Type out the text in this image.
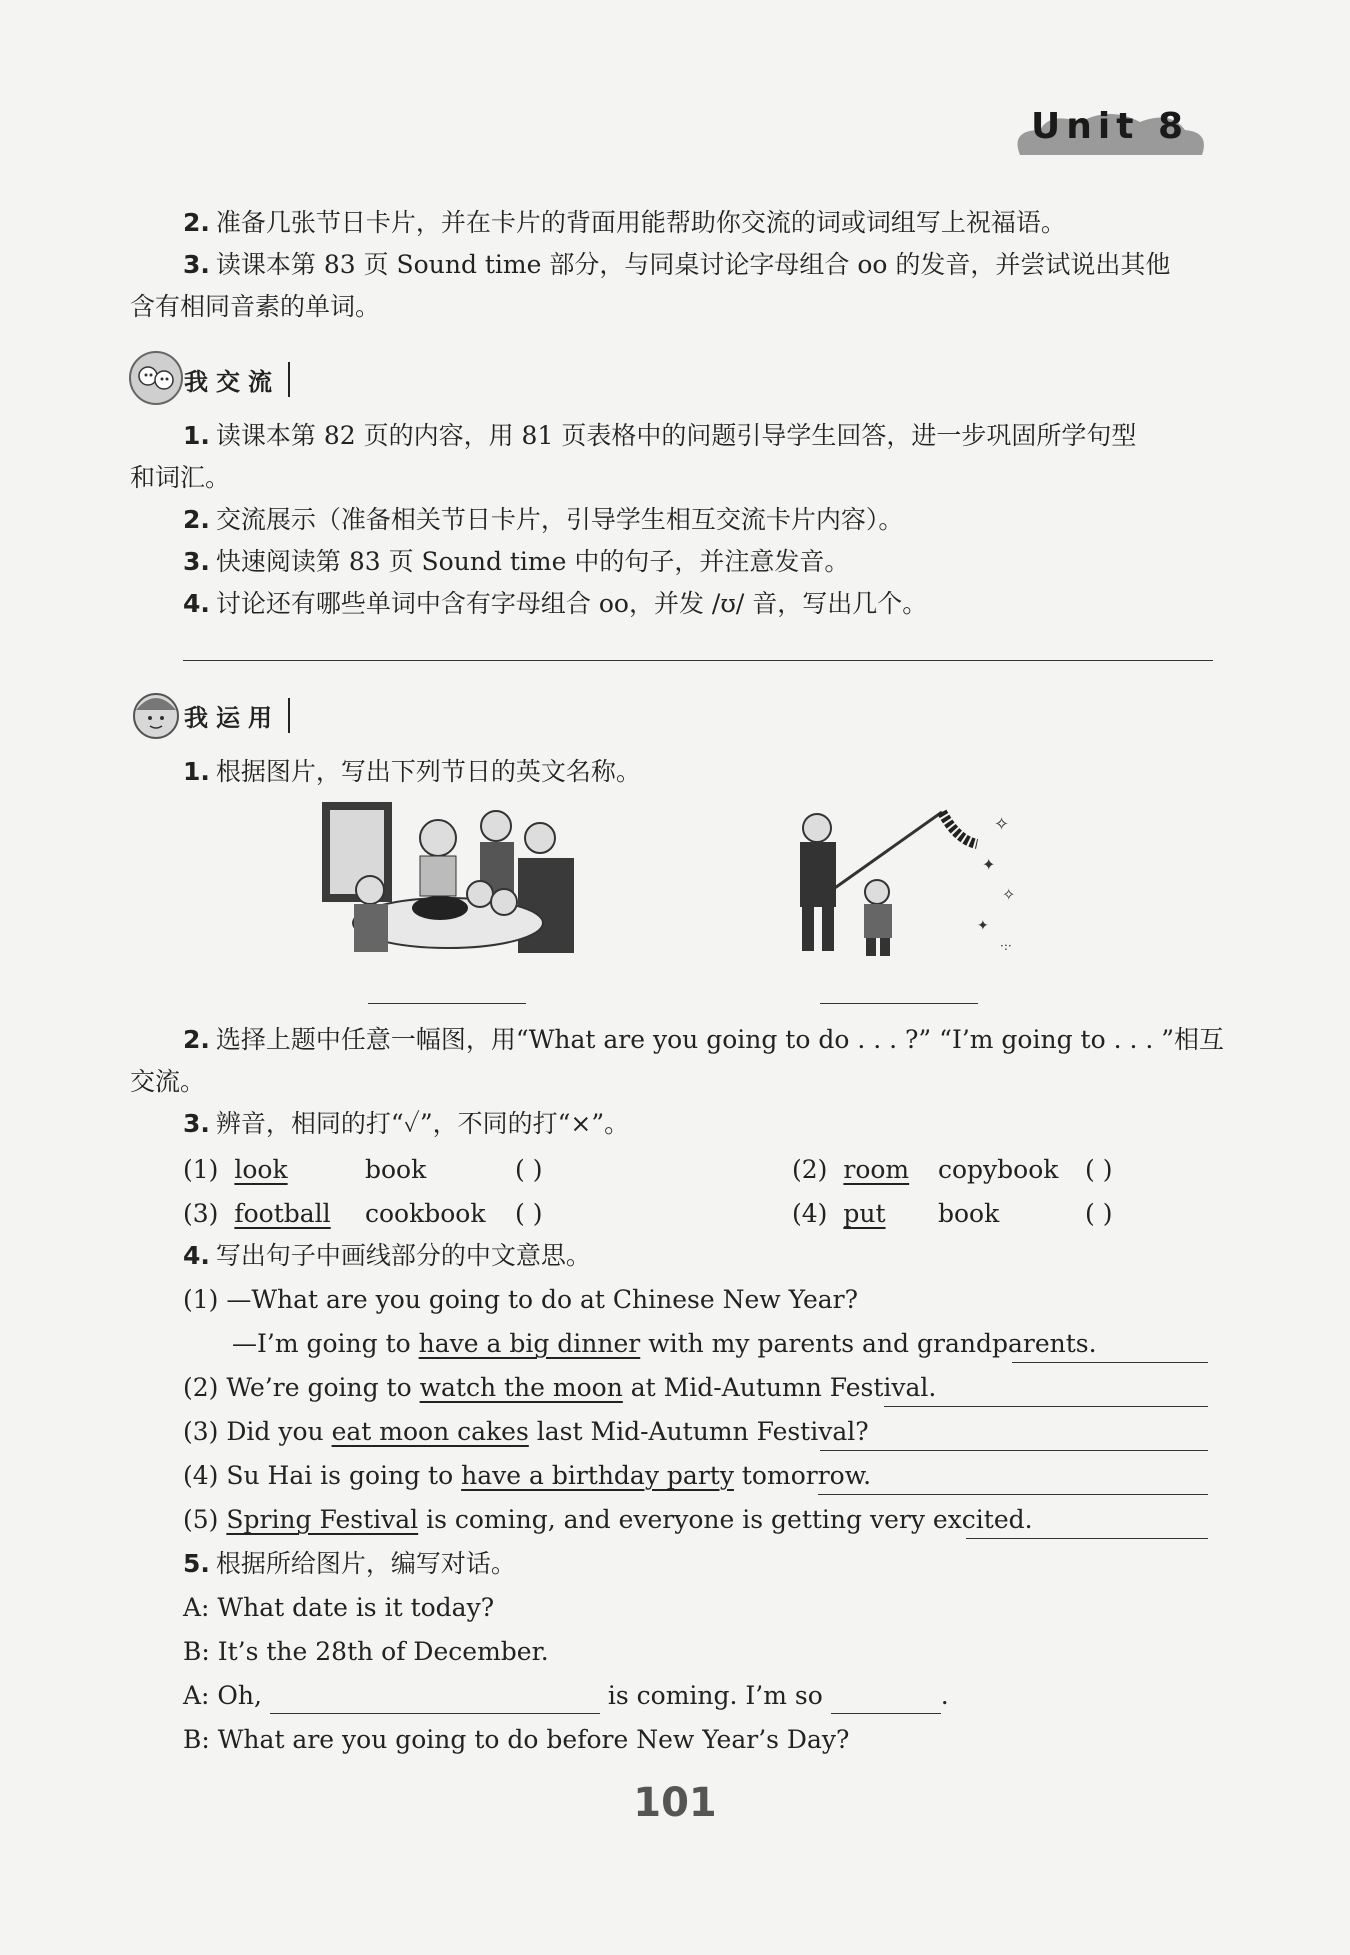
Unit 8
2. 准备几张节日卡片，并在卡片的背面用能帮助你交流的词或词组写上祝福语。
3. 读课本第 83 页 Sound time 部分，与同桌讨论字母组合 oo 的发音，并尝试说出其他
含有相同音素的单词。
我交流
1. 读课本第 82 页的内容，用 81 页表格中的问题引导学生回答，进一步巩固所学句型
和词汇。
2. 交流展示（准备相关节日卡片，引导学生相互交流卡片内容）。
3. 快速阅读第 83 页 Sound time 中的句子，并注意发音。
4. 讨论还有哪些单词中含有字母组合 oo，并发 /ʊ/ 音，写出几个。
我运用
1. 根据图片，写出下列节日的英文名称。
✧
✦
✧
✦
·:·
2. 选择上题中任意一幅图，用“What are you going to do . . . ?” “I’m going to . . . ”相互
交流。
3. 辨音，相同的打“✓”，不同的打“×”。
(1) look	book	( )	(2) room copybook ( )
(3) football cookbook ( )	(4) put book	( )
4. 写出句子中画线部分的中文意思。
(1) —What are you going to do at Chinese New Year?
—I’m going to have a big dinner with my parents and grandparents.
(2) We’re going to watch the moon at Mid-Autumn Festival.
(3) Did you eat moon cakes last Mid-Autumn Festival?
(4) Su Hai is going to have a birthday party tomorrow.
(5) Spring Festival is coming, and everyone is getting very excited.
5. 根据所给图片，编写对话。
A: What date is it today?
B: It’s the 28th of December.
A: Oh,	is coming. I’m so	.
B: What are you going to do before New Year’s Day?
101
